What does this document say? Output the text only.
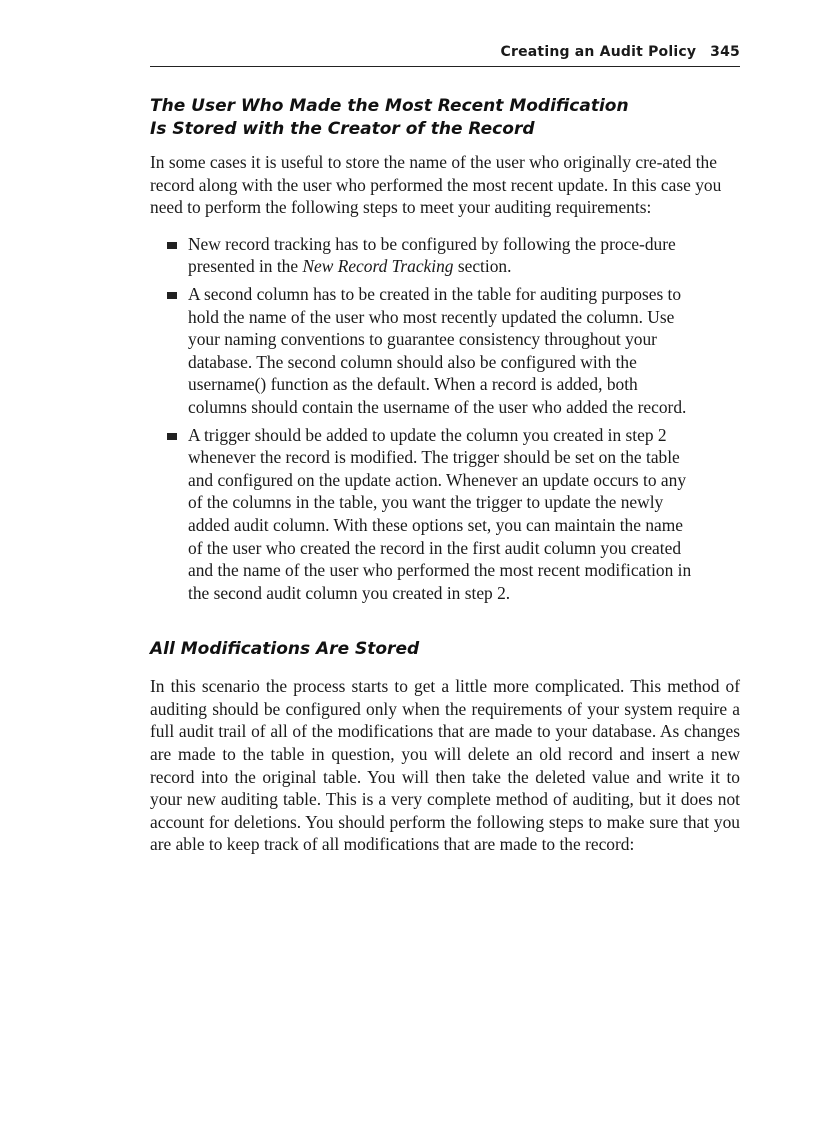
Creating an Audit Policy 345
The User Who Made the Most Recent Modification
Is Stored with the Creator of the Record

In some cases it is useful to store the name of the user who originally cre-ated the record along with the user who performed the most recent update. In this case you need to perform the following steps to meet your auditing requirements:

New record tracking has to be configured by following the proce-dure presented in the New Record Tracking section.
A second column has to be created in the table for auditing purposes to hold the name of the user who most recently updated the column. Use your naming conventions to guarantee consistency throughout your database. The second column should also be configured with the username() function as the default. When a record is added, both columns should contain the username of the user who added the record.
A trigger should be added to update the column you created in step 2 whenever the record is modified. The trigger should be set on the table and configured on the update action. Whenever an update occurs to any of the columns in the table, you want the trigger to update the newly added audit column. With these options set, you can maintain the name of the user who created the record in the first audit column you created and the name of the user who performed the most recent modification in the second audit column you created in step 2.
All Modifications Are Stored

In this scenario the process starts to get a little more complicated. This method of auditing should be configured only when the requirements of your system require a full audit trail of all of the modifications that are made to your database. As changes are made to the table in question, you will delete an old record and insert a new record into the original table. You will then take the deleted value and write it to your new auditing table. This is a very complete method of auditing, but it does not account for deletions. You should perform the following steps to make sure that you are able to keep track of all modifications that are made to the record:
